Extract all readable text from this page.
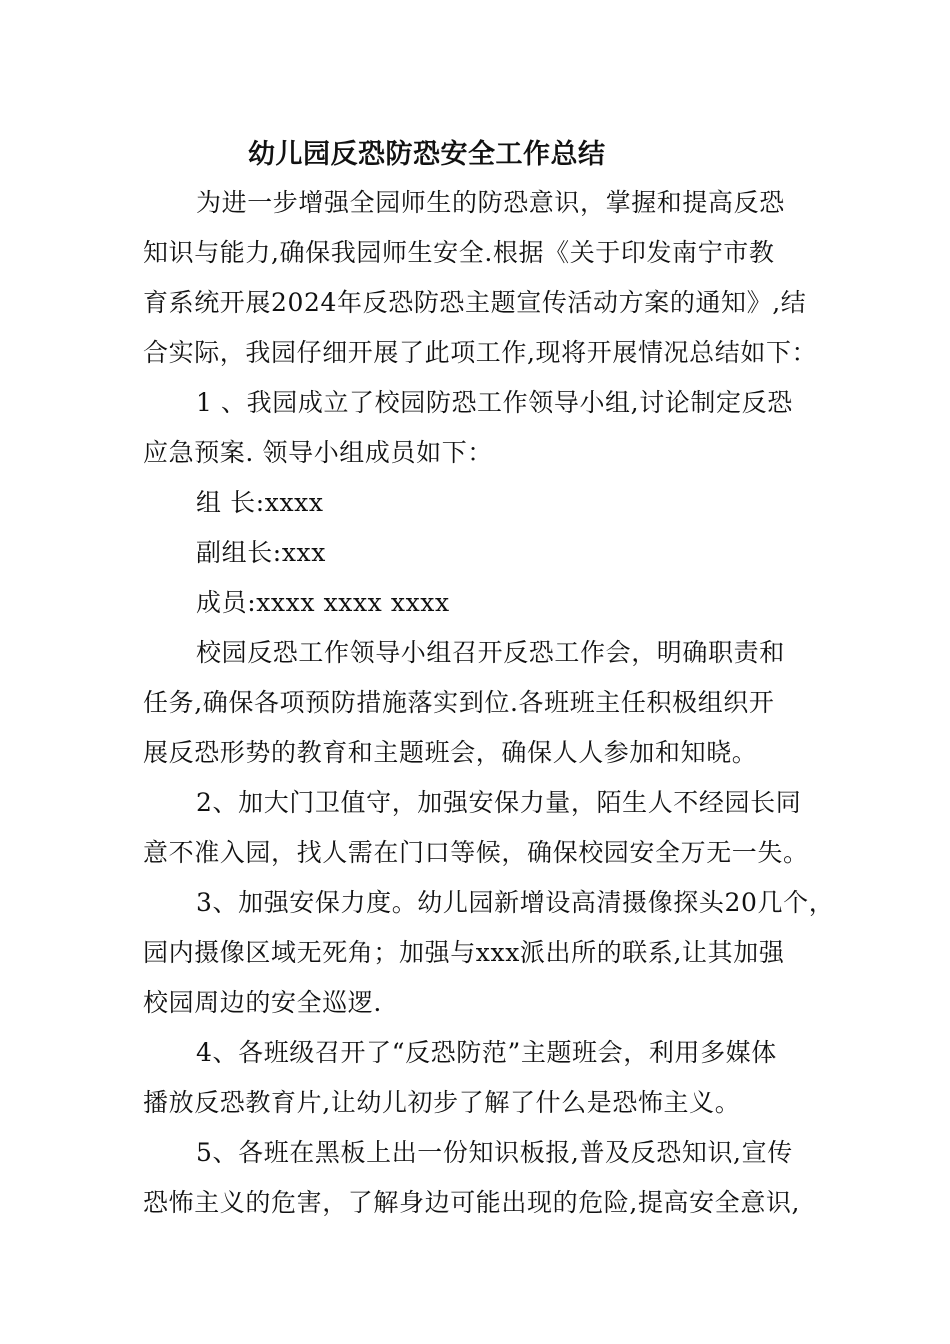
幼儿园反恐防恐安全工作总结
为进一步增强全园师生的防恐意识，掌握和提高反恐
知识与能力,确保我园师生安全.根据《关于印发南宁市教
育系统开展2024年反恐防恐主题宣传活动方案的通知》,结
合实际，我园仔细开展了此项工作,现将开展情况总结如下：
1 、我园成立了校园防恐工作领导小组,讨论制定反恐
应急预案. 领导小组成员如下：
组 长:xxxx
副组长:xxx
成员:xxxx xxxx xxxx
校园反恐工作领导小组召开反恐工作会，明确职责和
任务,确保各项预防措施落实到位.各班班主任积极组织开
展反恐形势的教育和主题班会，确保人人参加和知晓。
2、加大门卫值守，加强安保力量，陌生人不经园长同
意不准入园，找人需在门口等候，确保校园安全万无一失。
3、加强安保力度。幼儿园新增设高清摄像探头20几个，
园内摄像区域无死角；加强与xxx派出所的联系,让其加强
校园周边的安全巡逻.
4、各班级召开了“反恐防范”主题班会，利用多媒体
播放反恐教育片,让幼儿初步了解了什么是恐怖主义。
5、各班在黑板上出一份知识板报,普及反恐知识,宣传
恐怖主义的危害，了解身边可能出现的危险,提高安全意识,
